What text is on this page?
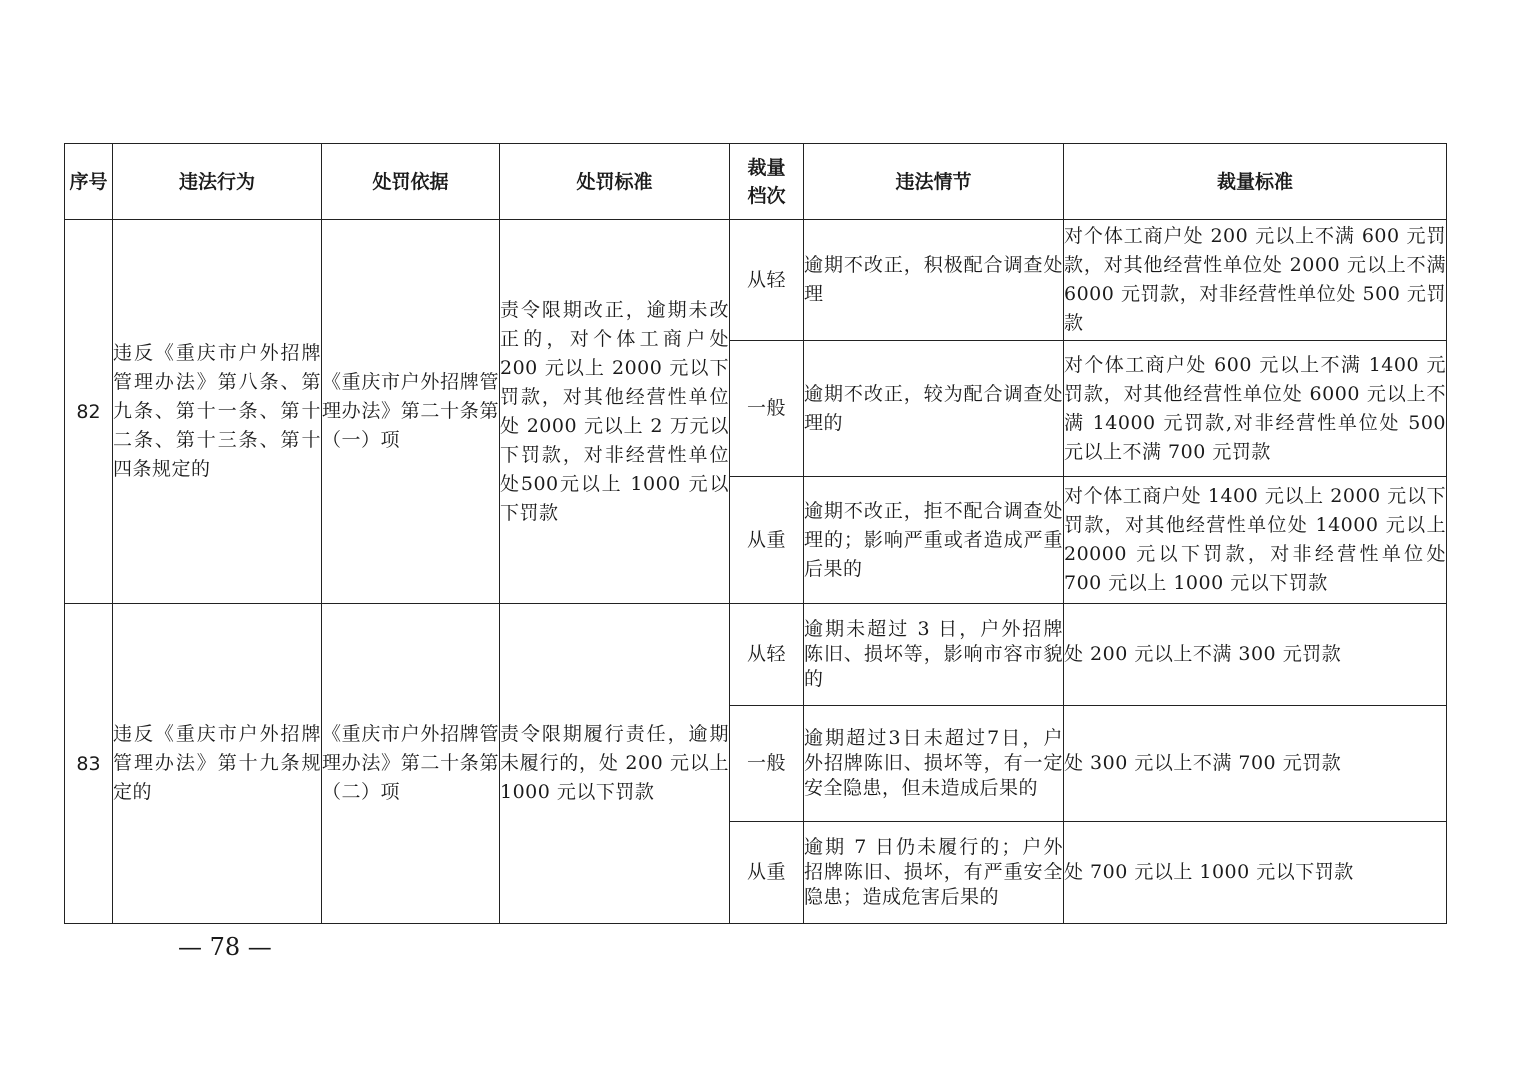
序号	违法行为	处罚依据	处罚标准	裁量档次	违法情节	裁量标准
82	违反《重庆市户外招牌管理办法》第八条、第九条、第十一条、第十二条、第十三条、第十四条规定的	《重庆市户外招牌管理办法》第二十条第（一）项	责令限期改正，逾期未改正的，对个体工商户处 200 元以上 2000 元以下罚款，对其他经营性单位处 2000 元以上 2 万元以下罚款，对非经营性单位处500元以上 1000 元以下罚款	从轻	逾期不改正，积极配合调查处理	对个体工商户处 200 元以上不满 600 元罚款，对其他经营性单位处 2000 元以上不满 6000 元罚款，对非经营性单位处 500 元罚款
				一般	逾期不改正，较为配合调查处理的	对个体工商户处 600 元以上不满 1400 元罚款，对其他经营性单位处 6000 元以上不满 14000 元罚款,对非经营性单位处 500 元以上不满 700 元罚款
				从重	逾期不改正，拒不配合调查处理的；影响严重或者造成严重后果的	对个体工商户处 1400 元以上 2000 元以下罚款，对其他经营性单位处 14000 元以上 20000 元以下罚款，对非经营性单位处 700 元以上 1000 元以下罚款
83	违反《重庆市户外招牌管理办法》第十九条规定的	《重庆市户外招牌管理办法》第二十条第（二）项	责令限期履行责任，逾期未履行的，处 200 元以上 1000 元以下罚款	从轻	逾期未超过 3 日，户外招牌陈旧、损坏等，影响市容市貌的	处 200 元以上不满 300 元罚款
				一般	逾期超过3日未超过7日，户外招牌陈旧、损坏等，有一定安全隐患，但未造成后果的	处 300 元以上不满 700 元罚款
				从重	逾期 7 日仍未履行的；户外招牌陈旧、损坏，有严重安全隐患；造成危害后果的	处 700 元以上 1000 元以下罚款
— 78 —
